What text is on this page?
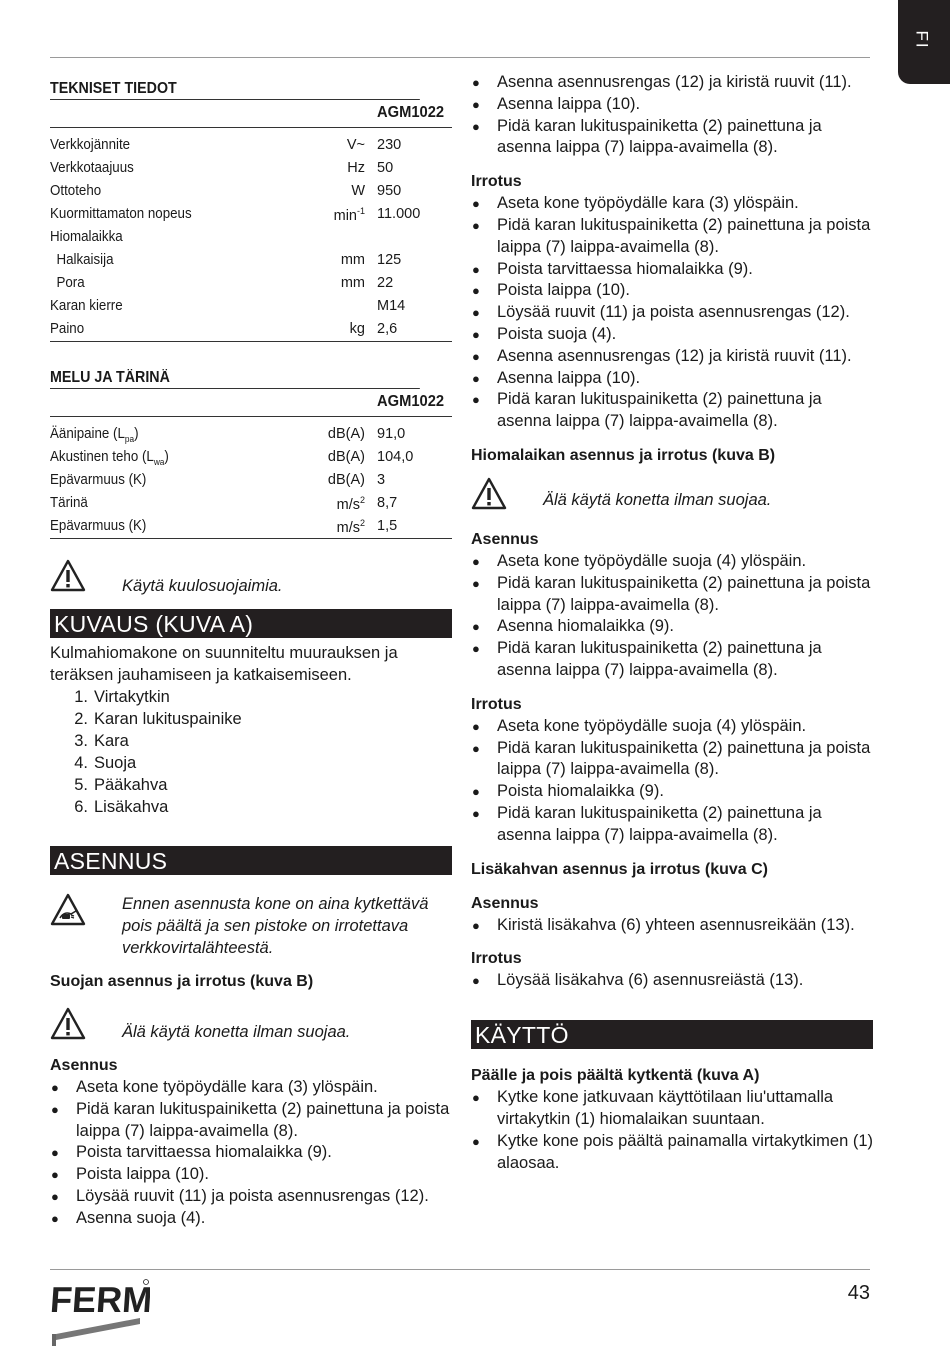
FI
TEKNISET TIEDOT
AGM1022
Verkkojännite	V~ 230
Verkkotaajuus	Hz 50
Ottoteho	W 950
Kuormittamaton nopeus	$\min^{-1} 11.000$
Hiomalaikka
Halkaisija	mm 125
Pora	mm 22
Karan kierre	M14
Paino	kg 2,6
MELU JA TÄRINÄ
AGM1022
Äänipaine $(L_{pa})$	dB(A) 91,0
Akustinen teho $(L_{wa})$	dB(A) 104,0
Epävarmuus (K)	dB(A) 3
Tärinä	$m/s^2$ 8,7
Epävarmuus (K)	$m/s^2$ 1,5
Käytä kuulosuojaimia.
KUVAUS (KUVA A)

Kulmahiomakone on suunniteltu muurauksen ja teräksen jauhamiseen ja katkaisemiseen.

1. Virtakytkin
2. Karan lukituspainike
3. Kara
4. Suoja
5. Pääkahva
6. Lisäkahva
ASENNUS
Ennen asennusta kone on aina kytkettävä pois päältä ja sen pistoke on irrotettava verkkovirtalähteestä.
Suojan asennus ja irrotus (kuva B)
Älä käytä konetta ilman suojaa.
Asennus
● Aseta kone työpöydälle kara (3) ylöspäin.
● Pidä karan lukituspainiketta (2) painettuna ja poista laippa (7) laippa-avaimella (8).
● Poista tarvittaessa hiomalaikka (9).
● Poista laippa (10).
● Löysää ruuvit (11) ja poista asennusrengas (12).
● Asenna suoja (4).
● Asenna asennusrengas (12) ja kiristä ruuvit (11).
● Asenna laippa (10).
● Pidä karan lukituspainiketta (2) painettuna ja asenna laippa (7) laippa-avaimella (8).
Irrotus
● Aseta kone työpöydälle kara (3) ylöspäin.
● Pidä karan lukituspainiketta (2) painettuna ja poista laippa (7) laippa-avaimella (8).
● Poista tarvittaessa hiomalaikka (9).
● Poista laippa (10).
● Löysää ruuvit (11) ja poista asennusrengas (12).
● Poista suoja (4).
● Asenna asennusrengas (12) ja kiristä ruuvit (11).
● Asenna laippa (10).
● Pidä karan lukituspainiketta (2) painettuna ja asenna laippa (7) laippa-avaimella (8).
Hiomalaikan asennus ja irrotus (kuva B)
Älä käytä konetta ilman suojaa.
Asennus
● Aseta kone työpöydälle suoja (4) ylöspäin.
● Pidä karan lukituspainiketta (2) painettuna ja poista laippa (7) laippa-avaimella (8).
● Asenna hiomalaikka (9).
● Pidä karan lukituspainiketta (2) painettuna ja asenna laippa (7) laippa-avaimella (8).
Irrotus
● Aseta kone työpöydälle suoja (4) ylöspäin.
● Pidä karan lukituspainiketta (2) painettuna ja poista laippa (7) laippa-avaimella (8).
● Poista hiomalaikka (9).
● Pidä karan lukituspainiketta (2) painettuna ja asenna laippa (7) laippa-avaimella (8).
Lisäkahvan asennus ja irrotus (kuva C)
Asennus
● Kiristä lisäkahva (6) yhteen asennusreikään (13).
Irrotus
● Löysää lisäkahva (6) asennusreiästä (13).
KÄYTTÖ
Päälle ja pois päältä kytkentä (kuva A)
● Kytke kone jatkuvaan käyttötilaan liu'uttamalla virtakytkin (1) hiomalaikan suuntaan.
● Kytke kone pois päältä painamalla virtakytkimen (1) alaosaa.
FERM	43
